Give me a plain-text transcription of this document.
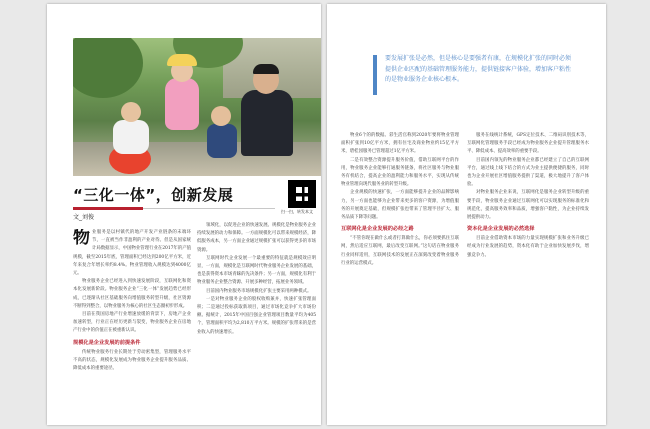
“三化一体”，创新发展
扫一扫，转发本文
文_刘俊

物业服务是以村镇代的地产开发产业链条的末端环节，一直被当作非盈利的产业对待。但是从国家统计局数据显示，中国物业管理行业在2017年的产值规模，截至2015年底，管理面积已经达到200亿平方米，近年来复合年增长率约8.4%。物业管理收入规模达到4000亿元。

物业服务企业已经进入到快速发展阶段，互联网化和资本化发展新阶段。物业服务企业“三化一体”发展趋势已经形成，已逐渐从社区基础服务向增值服务转型升级，社区资源不断得到整合，以物业服务为核心的社区生态圈初步形成。

目前在我国房地产行业增速放缓的背景下，房地产企业加速转型，行业正在经历更新与裂变，物业服务企业在房地产行业中的价值正在被重新认识。

规模化是企业发展的前提条件

传统物业服务行业长期处于劳动密集型，管理服务水平不高的状态，规模化发展成为物业服务企业提升服务品质、降低成本的重要途径。

领域化，以促进企业的快速发展。规模化是物业服务企业持续发展的动力和保障。一方面规模化可以带来规模经济，降低服务成本，另一方面企业通过规模扩张可以获得更多的市场资源。

互联网时代企业发展一个最重要的特征就是规模效应明显，一方面，规模化是互联网时代物业服务企业发展的基础，也是获得资本市场青睐的先决条件；另一方面，规模化有利于物业服务企业整合资源、开展多种经营，拓展业务领域。

目前国内物业服务市场规模化扩张主要采用两种模式。

一是对物业服务企业的股权收购兼并，快速扩张管理面积；二是通过投标获取新项目，通过市场化竞争扩大市场份额。据统计，2015年中国百强企业管理项目数量平均为405个，管理面积平均为2,810万平方米。规模的扩张带来的是营业收入的快速增长。

要发展扩张是必然，但是核心是要强者有康，在规模化扩张的同时必须提供企业匹配的基础管理服务能力，提供链接客户体验，增加客户粘性的是物业服务企业核心根本。

物业6个的的数据。彩生活官称到2020年要将物业管理面积扩张到10亿平方米，拥有住宅及商业物业约15亿平方米，碧桂园服务已管理超过1亿平方米。

二是有效整合资源提升服务价值，借助互联网平台的作用，物业服务企业能够打通服务链条，将社区服务与物业服务有机结合，提高企业的盈利能力和服务水平，实现从传统物业管理向现代服务业的转型升级。

企业规模的快速扩张，一方面能够提升企业的品牌影响力，另一方面也能够为企业带来更多的客户资源，为增值服务的开展奠定基础，但规模扩张也带来了管理半径扩大、服务品质下降等问题。

互联网化是企业发展的必经之路

“不管你现在做什么或者打算做什么，你必须要抓住互联网，然后适应互联网，最后改变互联网。”这句话在物业服务行业同样适用，互联网技术的发展正在深刻改变着物业服务行业的运营模式。

服务在线统计系统，GPS定位技术、二维码识别技术等，互联网化管理服务手段已经成为物业服务企业提升管理服务水平、降低成本、提高效率的重要手段。

目前国内领先的物业服务企业都已经建立了自己的互联网平台，通过线上线下结合的方式为业主提供便捷的服务，同时也为企业开展社区增值服务提供了渠道，极大地提升了客户体验。

对物业服务企业来说，互联网化是服务企业转型升级的重要手段，物业服务企业通过互联网化可以实现服务的标准化和规范化，提高服务效率和品质，增强客户黏性，为企业持续发展提供动力。

资本化是企业发展的必然选择

目前企业借助资本市场的力量实现规模扩张和业务升级已经成为行业发展的趋势，资本化有助于企业加快发展步伐，增强竞争力。
